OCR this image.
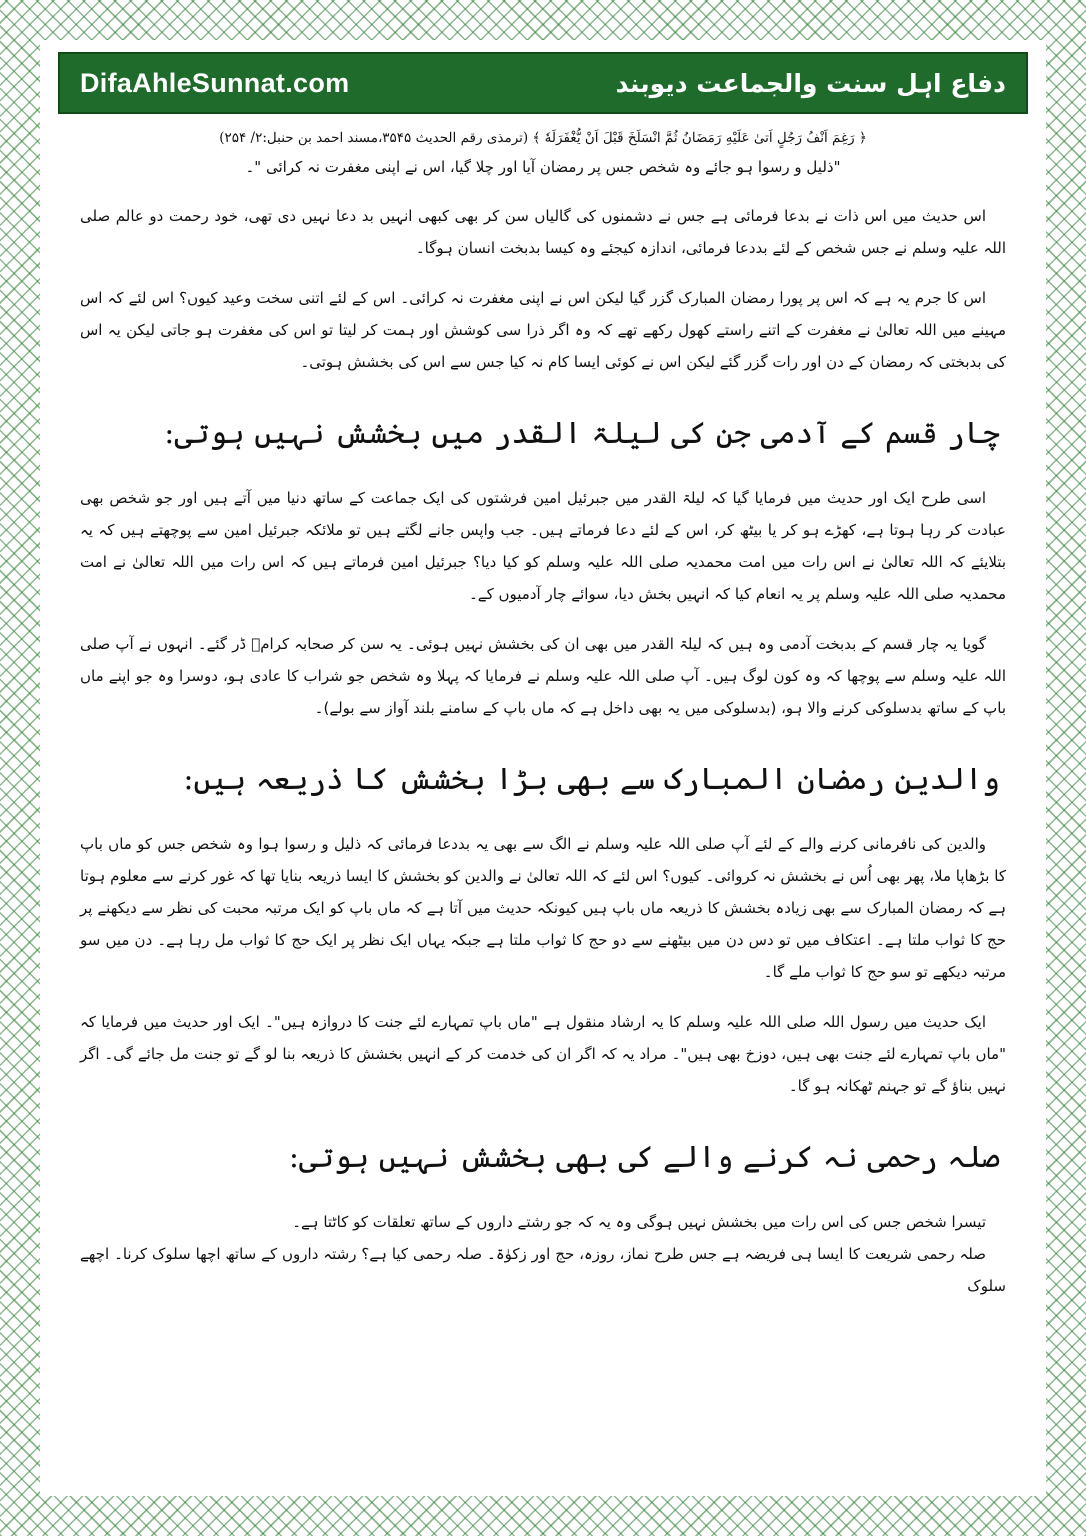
DifaAhleSunnat.com	دفاع اہل سنت والجماعت دیوبند

﴿ رَغِمَ اَنْفُ رَجُلٍ اَتیٰ عَلَیْهِ رَمَضَانُ ثُمَّ انْسَلَخَ قَبْلَ اَنْ یُّغْفَرَلَهٗ ﴾ (ترمذی رقم الحدیث ۳۵۴۵،مسند احمد بن حنبل:۲/ ۲۵۴)

"ذلیل و رسوا ہو جائے وہ شخص جس پر رمضان آیا اور چلا گیا، اس نے اپنی مغفرت نہ کرائی "۔

اس حدیث میں اس ذات نے بدعا فرمائی ہے جس نے دشمنوں کی گالیاں سن کر بھی کبھی انہیں بد دعا نہیں دی تھی، خود رحمت دو عالم صلی اللہ علیہ وسلم نے جس شخص کے لئے بددعا فرمائی، اندازہ کیجئے وہ کیسا بدبخت انسان ہوگا۔

اس کا جرم یہ ہے کہ اس پر پورا رمضان المبارک گزر گیا لیکن اس نے اپنی مغفرت نہ کرائی۔ اس کے لئے اتنی سخت وعید کیوں؟ اس لئے کہ اس مہینے میں اللہ تعالیٰ نے مغفرت کے اتنے راستے کھول رکھے تھے کہ وہ اگر ذرا سی کوشش اور ہمت کر لیتا تو اس کی مغفرت ہو جاتی لیکن یہ اس کی بدبختی کہ رمضان کے دن اور رات گزر گئے لیکن اس نے کوئی ایسا کام نہ کیا جس سے اس کی بخشش ہوتی۔

چار قسم کے آدمی جن کی لیلۃ القدر میں بخشش نہیں ہوتی:

اسی طرح ایک اور حدیث میں فرمایا گیا کہ لیلۃ القدر میں جبرئیل امین فرشتوں کی ایک جماعت کے ساتھ دنیا میں آتے ہیں اور جو شخص بھی عبادت کر رہا ہوتا ہے، کھڑے ہو کر یا بیٹھ کر، اس کے لئے دعا فرماتے ہیں۔ جب واپس جانے لگتے ہیں تو ملائکہ جبرئیل امین سے پوچھتے ہیں کہ یہ بتلایئے کہ اللہ تعالیٰ نے اس رات میں امت محمدیہ صلی اللہ علیہ وسلم کو کیا دیا؟ جبرئیل امین فرماتے ہیں کہ اس رات میں اللہ تعالیٰ نے امت محمدیہ صلی اللہ علیہ وسلم پر یہ انعام کیا کہ انہیں بخش دیا، سوائے چار آدمیوں کے۔

گویا یہ چار قسم کے بدبخت آدمی وہ ہیں کہ لیلۃ القدر میں بھی ان کی بخشش نہیں ہوئی۔ یہ سن کر صحابہ کرامؓ ڈر گئے۔ انہوں نے آپ صلی اللہ علیہ وسلم سے پوچھا کہ وہ کون لوگ ہیں۔ آپ صلی اللہ علیہ وسلم نے فرمایا کہ پہلا وہ شخص جو شراب کا عادی ہو، دوسرا وہ جو اپنے ماں باپ کے ساتھ بدسلوکی کرنے والا ہو، (بدسلوکی میں یہ بھی داخل ہے کہ ماں باپ کے سامنے بلند آواز سے بولے)۔

والدین رمضان المبارک سے بھی بڑا بخشش کا ذریعہ ہیں:

والدین کی نافرمانی کرنے والے کے لئے آپ صلی اللہ علیہ وسلم نے الگ سے بھی یہ بددعا فرمائی کہ ذلیل و رسوا ہوا وہ شخص جس کو ماں باپ کا بڑھاپا ملا، پھر بھی اُس نے بخشش نہ کروائی۔ کیوں؟ اس لئے کہ اللہ تعالیٰ نے والدین کو بخشش کا ایسا ذریعہ بنایا تھا کہ غور کرنے سے معلوم ہوتا ہے کہ رمضان المبارک سے بھی زیادہ بخشش کا ذریعہ ماں باپ ہیں کیونکہ حدیث میں آتا ہے کہ ماں باپ کو ایک مرتبہ محبت کی نظر سے دیکھنے پر حج کا ثواب ملتا ہے۔ اعتکاف میں تو دس دن میں بیٹھنے سے دو حج کا ثواب ملتا ہے جبکہ یہاں ایک نظر پر ایک حج کا ثواب مل رہا ہے۔ دن میں سو مرتبہ دیکھے تو سو حج کا ثواب ملے گا۔

ایک حدیث میں رسول اللہ صلی اللہ علیہ وسلم کا یہ ارشاد منقول ہے "ماں باپ تمہارے لئے جنت کا دروازہ ہیں"۔ ایک اور حدیث میں فرمایا کہ "ماں باپ تمہارے لئے جنت بھی ہیں، دوزخ بھی ہیں"۔ مراد یہ کہ اگر ان کی خدمت کر کے انہیں بخشش کا ذریعہ بنا لو گے تو جنت مل جائے گی۔ اگر نہیں بناؤ گے تو جہنم ٹھکانہ ہو گا۔

صلہ رحمی نہ کرنے والے کی بھی بخشش نہیں ہوتی:

تیسرا شخص جس کی اس رات میں بخشش نہیں ہوگی وہ یہ کہ جو رشتے داروں کے ساتھ تعلقات کو کاٹتا ہے۔

صلہ رحمی شریعت کا ایسا ہی فریضہ ہے جس طرح نماز، روزہ، حج اور زکوٰۃ۔ صلہ رحمی کیا ہے؟ رشتہ داروں کے ساتھ اچھا سلوک کرنا۔ اچھے سلوک
